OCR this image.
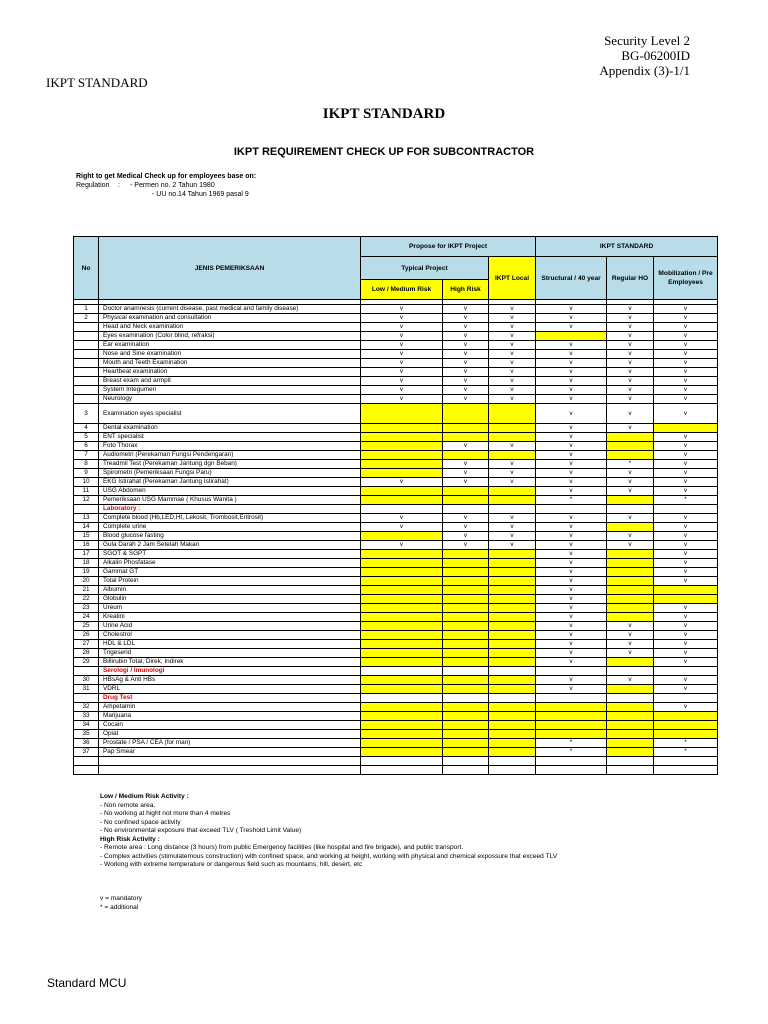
Security Level 2
BG-06200ID
Appendix (3)-1/1
IKPT STANDARD
IKPT STANDARD
IKPT REQUIREMENT CHECK UP FOR SUBCONTRACTOR
Right to get Medical Check up for employees base on:
Regulation	:	- Permen no. 2 Tahun 1980
- UU no.14 Tahun 1969 pasal 9
No	JENIS PEMERIKSAAN	Propose for IKPT Project			IKPT STANDARD		
		Typical Project		IKPT Local	Structural / 40 year	Regular HO	Mobilization / Pre Employees
		Low / Medium Risk	High Risk				

1	Doctor anamnesis (current disease, past medical and family disease)	v	v	v	v	v	v
2	Physical examination and consultation	v	v	v	v	v	v
	Head and Neck examination	v	v	v	v	v	v
	Eyes examination (Color blind, refraksi)	v	v	v		v	v
	Ear examination	v	v	v	v	v	v
	Nose and Sine examination	v	v	v	v	v	v
	Mouth and Teeth Examination	v	v	v	v	v	v
	Heartbeat examination	v	v	v	v	v	v
	Breast exam and armpit	v	v	v	v	v	v
	System Integumen	v	v	v	v	v	v
	Neurology	v	v	v	v	v	v
3	Examination eyes specialist				v	v	v
4	Dental examination				v	v	
5	ENT specialist				v		v
6	Foto Thorax		v	v	v		v
7	Audiometri (Perekaman Fungsi Pendengaran)				v		v
8	Treadmil Test (Perekaman Jantung dgn Beban)		v	v	v	*	v
9	Spirometri (Pemeriksaan Fungsi Paru)		v	v	v	v	v
10	EKG Istirahat (Perekaman Jantung Istirahat)	v	v	v	v	v	v
11	USG Abdomen				v	v	v
12	Pemeriksaan USG Mammae ( Khusus Wanita )				*		*
	Laboratory :						
13	Complete blood (Hb,LED,Ht, Lekosit, Trombosit,Eritrosit)	v	v	v	v	v	v
14	Complete urine	v	v	v	v		v
15	Blood glucose fasting		v	v	v	v	v
16	Gula Darah 2 Jam Setelah Makan	v	v	v	v	v	v
17	SGOT & SGPT				v		v
18	Alkalin Phosfatase				v		v
19	Gammat GT				v		v
20	Total Protein				v		v
21	Albumin				v		
22	Globulin				v		
23	Ureum				v		v
24	Kreatini				v		v
25	Urine Acid				v	v	v
26	Cholestrol				v	v	v
27	HDL & LDL				v	v	v
28	Trigeserid				v	v	v
29	Billirubin Total, Direk, Indirek				v		v
	Serologi / Imunologi						
30	HBsAg & Anti HBs				v	v	v
31	VDRL				v		v
	Drug Test						
32	Ampetamin						v
33	Marijuana						
34	Cocain						
35	Opiat						
36	Prostate / PSA / CEA (for man)				*		*
37	Pap Smear				*		*

Low / Medium Risk Activity :
- Non remote area.
- No working at hight not more than 4 metres
- No confined space activity
- No environmental exposure that exceed TLV ( Treshold Limit Value)
High Risk Activity :
- Remote area : Long distance (3 hours) from public Emergency facilities (like hospital and fire brigade), and public transport.
- Complex activities (stimulatemous construction) with confined space, and working at height, working with physical and chemical expossure that exceed TLV
- Working with extreme temperature or dangerous field such as mountains, hill, desert, etc
v = mandatory
* = additional
Standard MCU
